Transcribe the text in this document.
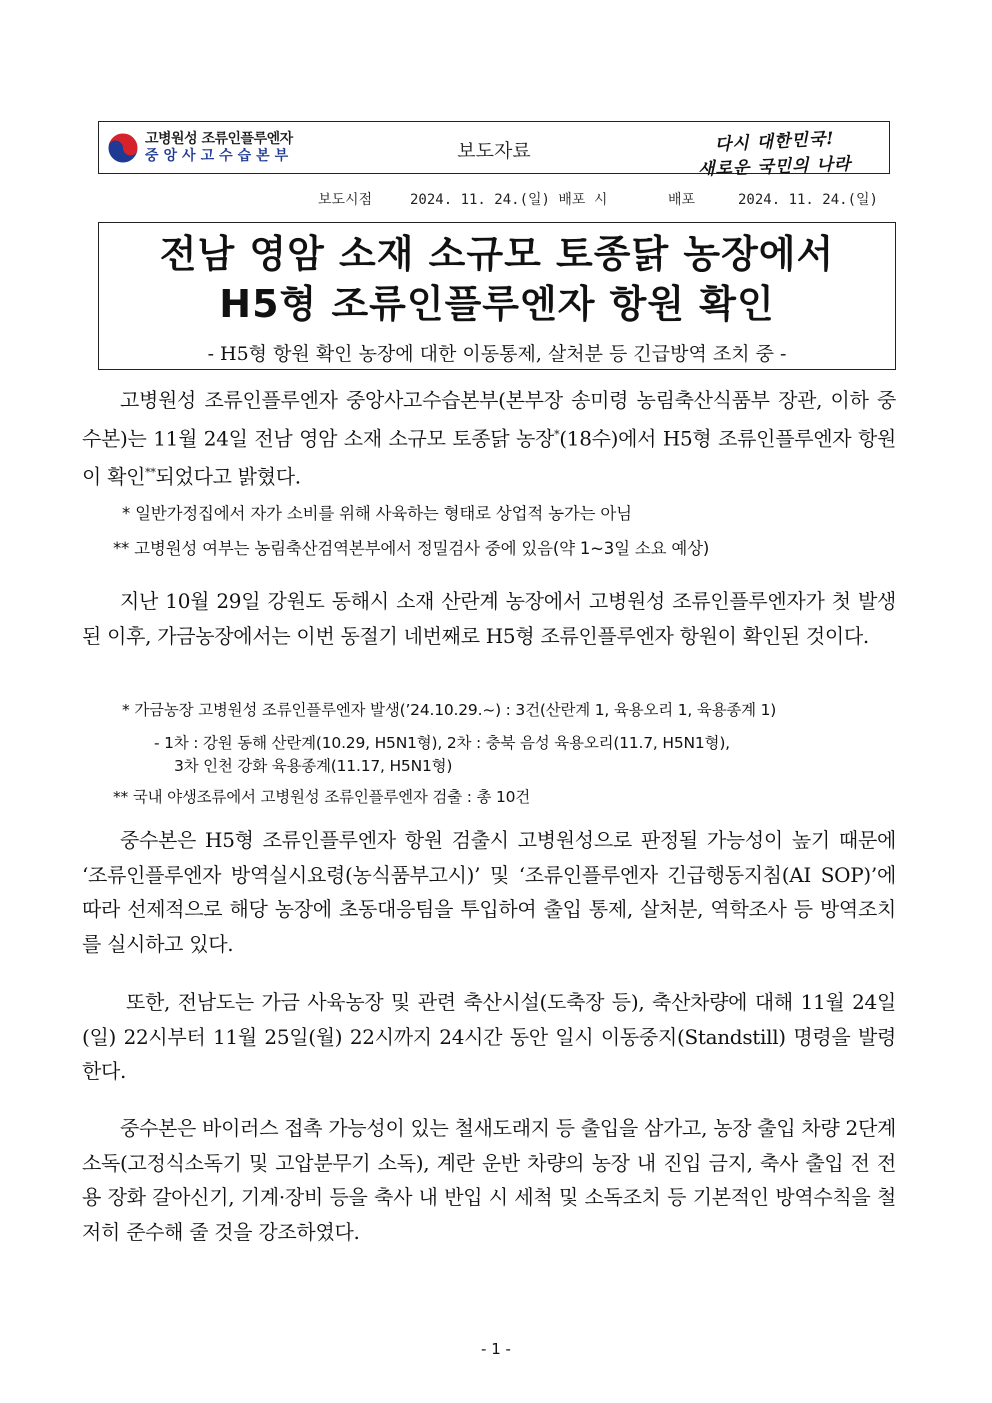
고병원성 조류인플루엔자
중앙사고수습본부	보도자료	다시 대한민국!
새로운 국민의 나라
보도시점	2024. 11. 24.(일) 배포 시	배포	2024. 11. 24.(일)
전남 영암 소재 소규모 토종닭 농장에서
H5형 조류인플루엔자 항원 확인
- H5형 항원 확인 농장에 대한 이동통제, 살처분 등 긴급방역 조치 중 -
고병원성 조류인플루엔자 중앙사고수습본부(본부장 송미령 농림축산식품부 장관, 이하 중수본)는 11월 24일 전남 영암 소재 소규모 토종닭 농장*(18수)에서 H5형 조류인플루엔자 항원이 확인**되었다고 밝혔다.
* 일반가정집에서 자가 소비를 위해 사육하는 형태로 상업적 농가는 아님
** 고병원성 여부는 농림축산검역본부에서 정밀검사 중에 있음(약 1~3일 소요 예상)
지난 10월 29일 강원도 동해시 소재 산란계 농장에서 고병원성 조류인플루엔자가 첫 발생된 이후, 가금농장에서는 이번 동절기 네번째로 H5형 조류인플루엔자 항원이 확인된 것이다.
* 가금농장 고병원성 조류인플루엔자 발생(’24.10.29.~) : 3건(산란계 1, 육용오리 1, 육용종계 1)
- 1차 : 강원 동해 산란계(10.29, H5N1형), 2차 : 충북 음성 육용오리(11.7, H5N1형),
3차 인천 강화 육용종계(11.17, H5N1형)
** 국내 야생조류에서 고병원성 조류인플루엔자 검출 : 총 10건
중수본은 H5형 조류인플루엔자 항원 검출시 고병원성으로 판정될 가능성이 높기 때문에 ‘조류인플루엔자 방역실시요령(농식품부고시)’ 및 ‘조류인플루엔자 긴급행동지침(AI SOP)’에 따라 선제적으로 해당 농장에 초동대응팀을 투입하여 출입 통제, 살처분, 역학조사 등 방역조치를 실시하고 있다.
또한, 전남도는 가금 사육농장 및 관련 축산시설(도축장 등), 축산차량에 대해 11월 24일(일) 22시부터 11월 25일(월) 22시까지 24시간 동안 일시 이동중지(Standstill) 명령을 발령한다.
중수본은 바이러스 접촉 가능성이 있는 철새도래지 등 출입을 삼가고, 농장 출입 차량 2단계 소독(고정식소독기 및 고압분무기 소독), 계란 운반 차량의 농장 내 진입 금지, 축사 출입 전 전용 장화 갈아신기, 기계·장비 등을 축사 내 반입 시 세척 및 소독조치 등 기본적인 방역수칙을 철저히 준수해 줄 것을 강조하였다.
- 1 -
